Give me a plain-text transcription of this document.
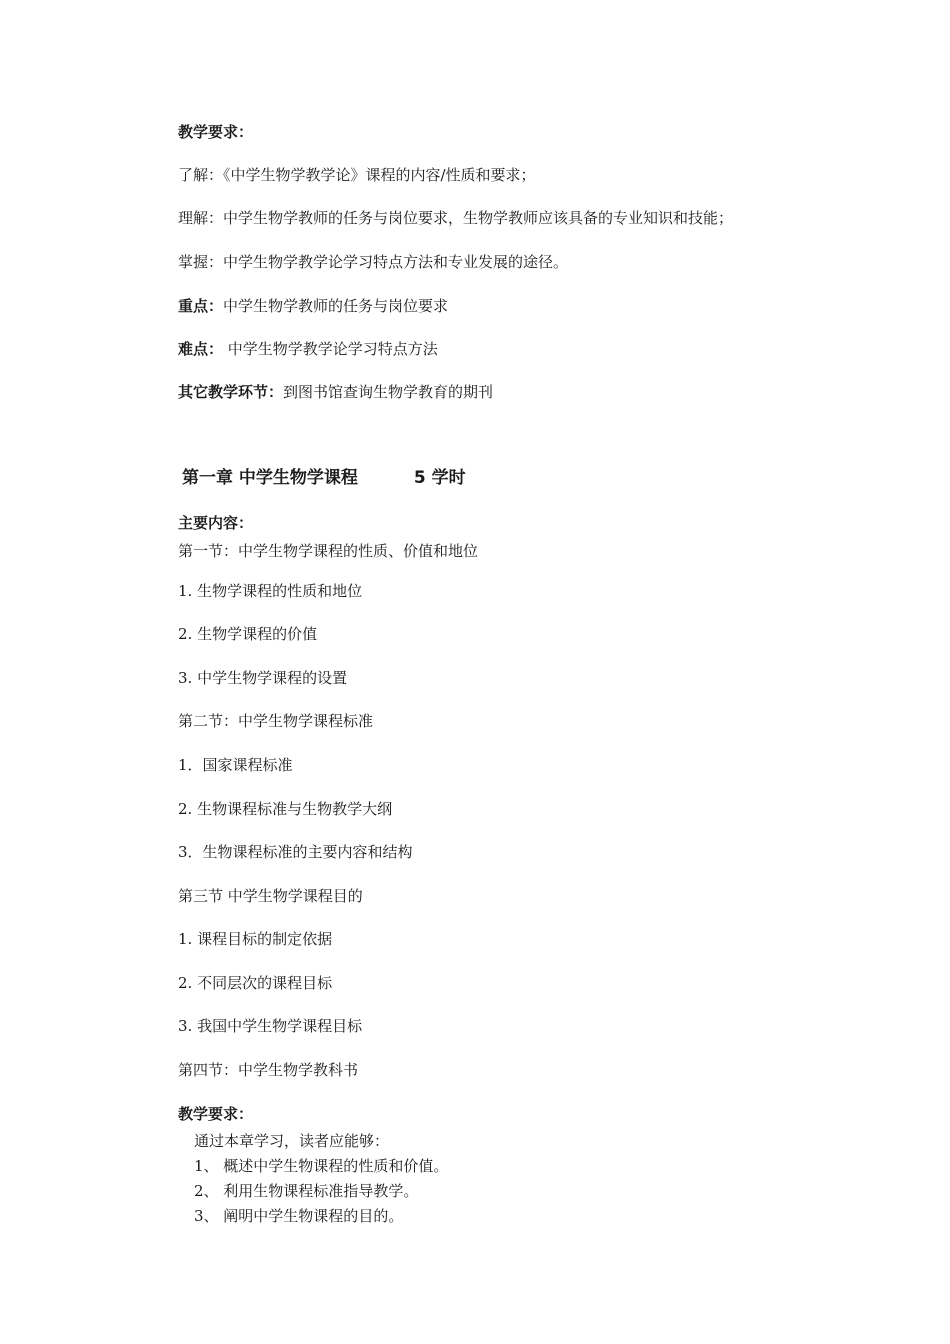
教学要求：
了解：《中学生物学教学论》课程的内容/性质和要求；
理解：中学生物学教师的任务与岗位要求，生物学教师应该具备的专业知识和技能；
掌握：中学生物学教学论学习特点方法和专业发展的途径。
重点：中学生物学教师的任务与岗位要求
难点： 中学生物学教学论学习特点方法
其它教学环节：到图书馆查询生物学教育的期刊
第一章 中学生物学课程	5 学时
主要内容：
第一节：中学生物学课程的性质、价值和地位
1. 生物学课程的性质和地位
2. 生物学课程的价值
3. 中学生物学课程的设置
第二节：中学生物学课程标准
1．国家课程标准
2. 生物课程标准与生物教学大纲
3．生物课程标准的主要内容和结构
第三节 中学生物学课程目的
1. 课程目标的制定依据
2. 不同层次的课程目标
3. 我国中学生物学课程目标
第四节：中学生物学教科书
教学要求：
通过本章学习，读者应能够：
1、 概述中学生物课程的性质和价值。
2、 利用生物课程标准指导教学。
3、 阐明中学生物课程的目的。
